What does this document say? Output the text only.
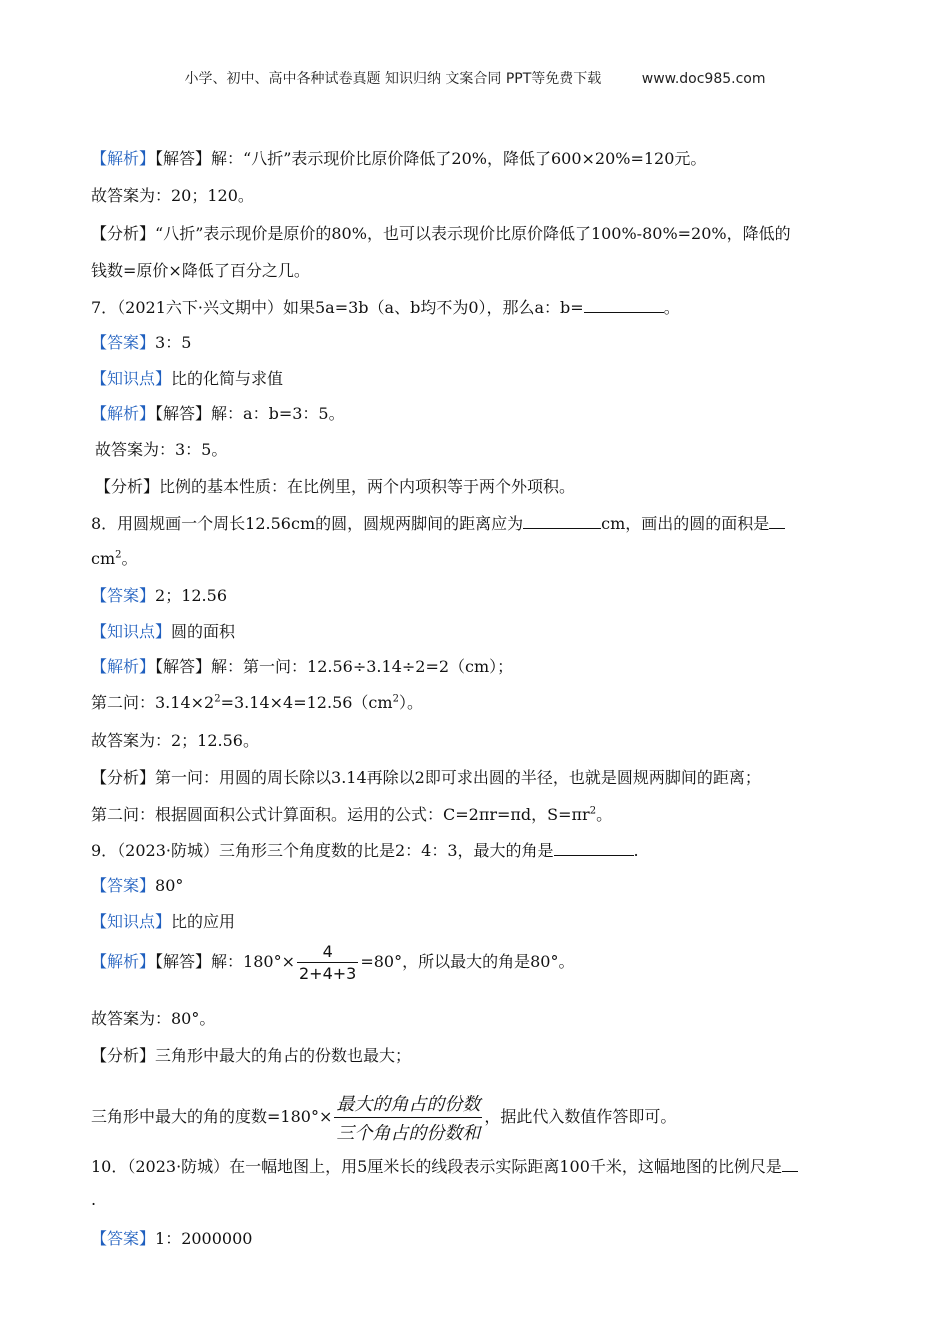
小学、初中、高中各种试卷真题 知识归纳 文案合同 PPT等免费下载	www.doc985.com
【解析】【解答】解：“八折”表示现价比原价降低了20%，降低了600×20%=120元。
故答案为：20；120。
【分析】“八折”表示现价是原价的80%，也可以表示现价比原价降低了100%-80%=20%，降低的
钱数=原价×降低了百分之几。
7．（2021六下·兴文期中）如果5a=3b（a、b均不为0），那么a：b=	。
【答案】3：5
【知识点】比的化简与求值
【解析】【解答】解：a：b=3：5。
故答案为：3：5。
【分析】比例的基本性质：在比例里，两个内项积等于两个外项积。
8．用圆规画一个周长12.56cm的圆，圆规两脚间的距离应为	cm，画出的圆的面积是
$cm^2$。
【答案】2；12.56
【知识点】圆的面积
【解析】【解答】解：第一问：12.56÷3.14÷2=2（cm）；
第二问：$3.14\times 2^2=3.14\times 4=12.56(cm^2)$。
故答案为：2；12.56。
【分析】第一问：用圆的周长除以3.14再除以2即可求出圆的半径，也就是圆规两脚间的距离；
第二问：根据圆面积公式计算面积。运用的公式：C=2πr=πd，$S=\pi r^2$。
9．（2023·防城）三角形三个角度数的比是2：4：3，最大的角是	.
【答案】80°
【知识点】比的应用
【解析】【解答】解：$180^\circ\times \frac{4}{2+4+3} =80^\circ$，所以最大的角是80°。
故答案为：80°。
【分析】三角形中最大的角占的份数也最大；
三角形中最大的角的度数$=180^\circ\times \frac{\text{最大的角占的份数}}{\text{三个角占的份数和}}$ ，据此代入数值作答即可。
10．（2023·防城）在一幅地图上，用5厘米长的线段表示实际距离100千米，这幅地图的比例尺是
.
【答案】1：2000000
